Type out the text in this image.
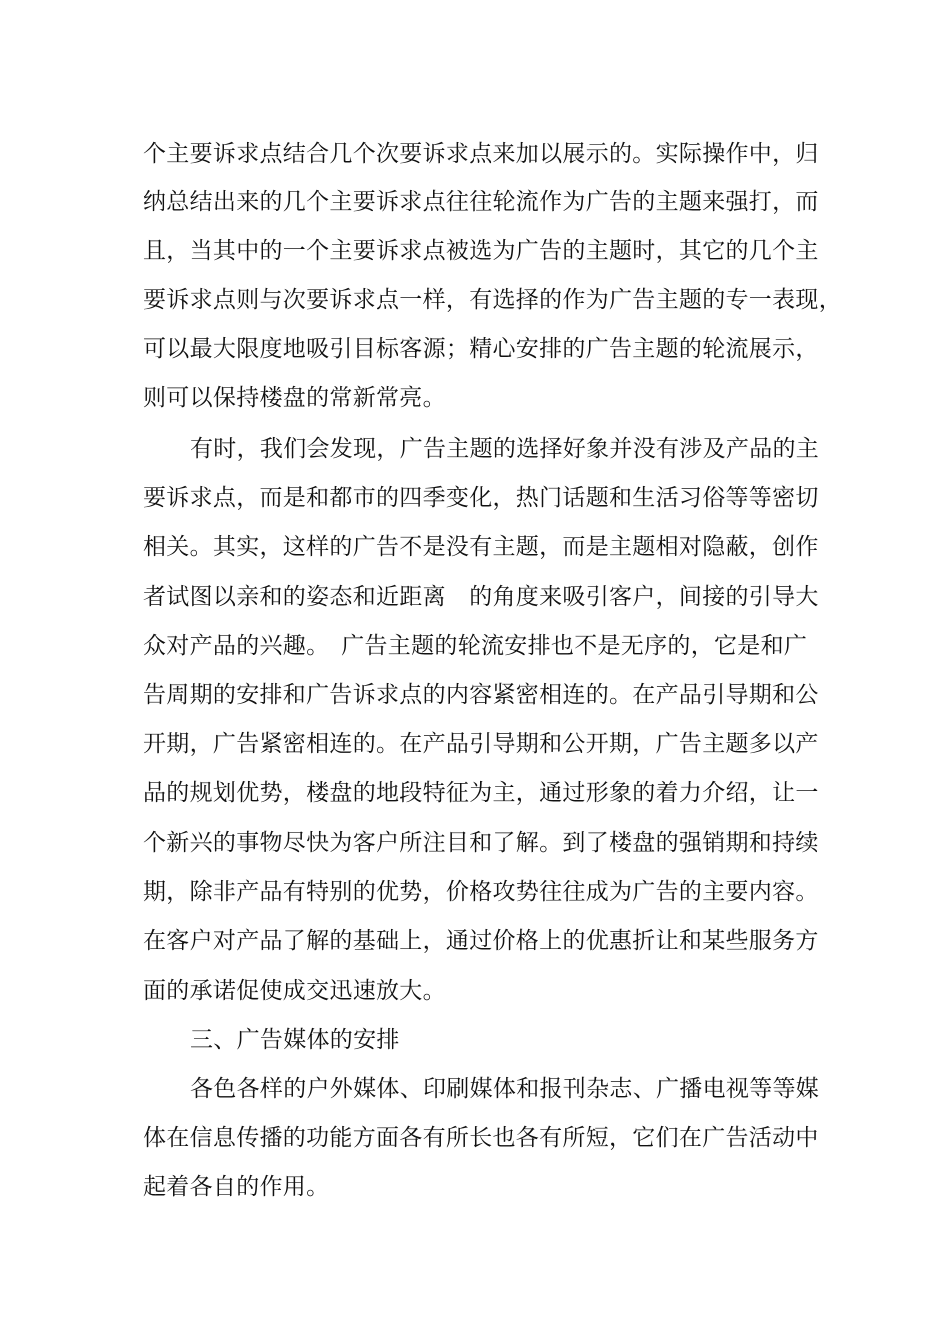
个主要诉求点结合几个次要诉求点来加以展示的。实际操作中，归
纳总结出来的几个主要诉求点往往轮流作为广告的主题来强打，而
且，当其中的一个主要诉求点被选为广告的主题时，其它的几个主
要诉求点则与次要诉求点一样，有选择的作为广告主题的专一表现，
可以最大限度地吸引目标客源；精心安排的广告主题的轮流展示，
则可以保持楼盘的常新常亮。
有时，我们会发现，广告主题的选择好象并没有涉及产品的主
要诉求点，而是和都市的四季变化，热门话题和生活习俗等等密切
相关。其实，这样的广告不是没有主题，而是主题相对隐蔽，创作
者试图以亲和的姿态和近距离　的角度来吸引客户，间接的引导大
众对产品的兴趣。　广告主题的轮流安排也不是无序的，它是和广
告周期的安排和广告诉求点的内容紧密相连的。在产品引导期和公
开期，广告紧密相连的。在产品引导期和公开期，广告主题多以产
品的规划优势，楼盘的地段特征为主，通过形象的着力介绍，让一
个新兴的事物尽快为客户所注目和了解。到了楼盘的强销期和持续
期，除非产品有特别的优势，价格攻势往往成为广告的主要内容。
在客户对产品了解的基础上，通过价格上的优惠折让和某些服务方
面的承诺促使成交迅速放大。
三、广告媒体的安排
各色各样的户外媒体、印刷媒体和报刊杂志、广播电视等等媒
体在信息传播的功能方面各有所长也各有所短，它们在广告活动中
起着各自的作用。
